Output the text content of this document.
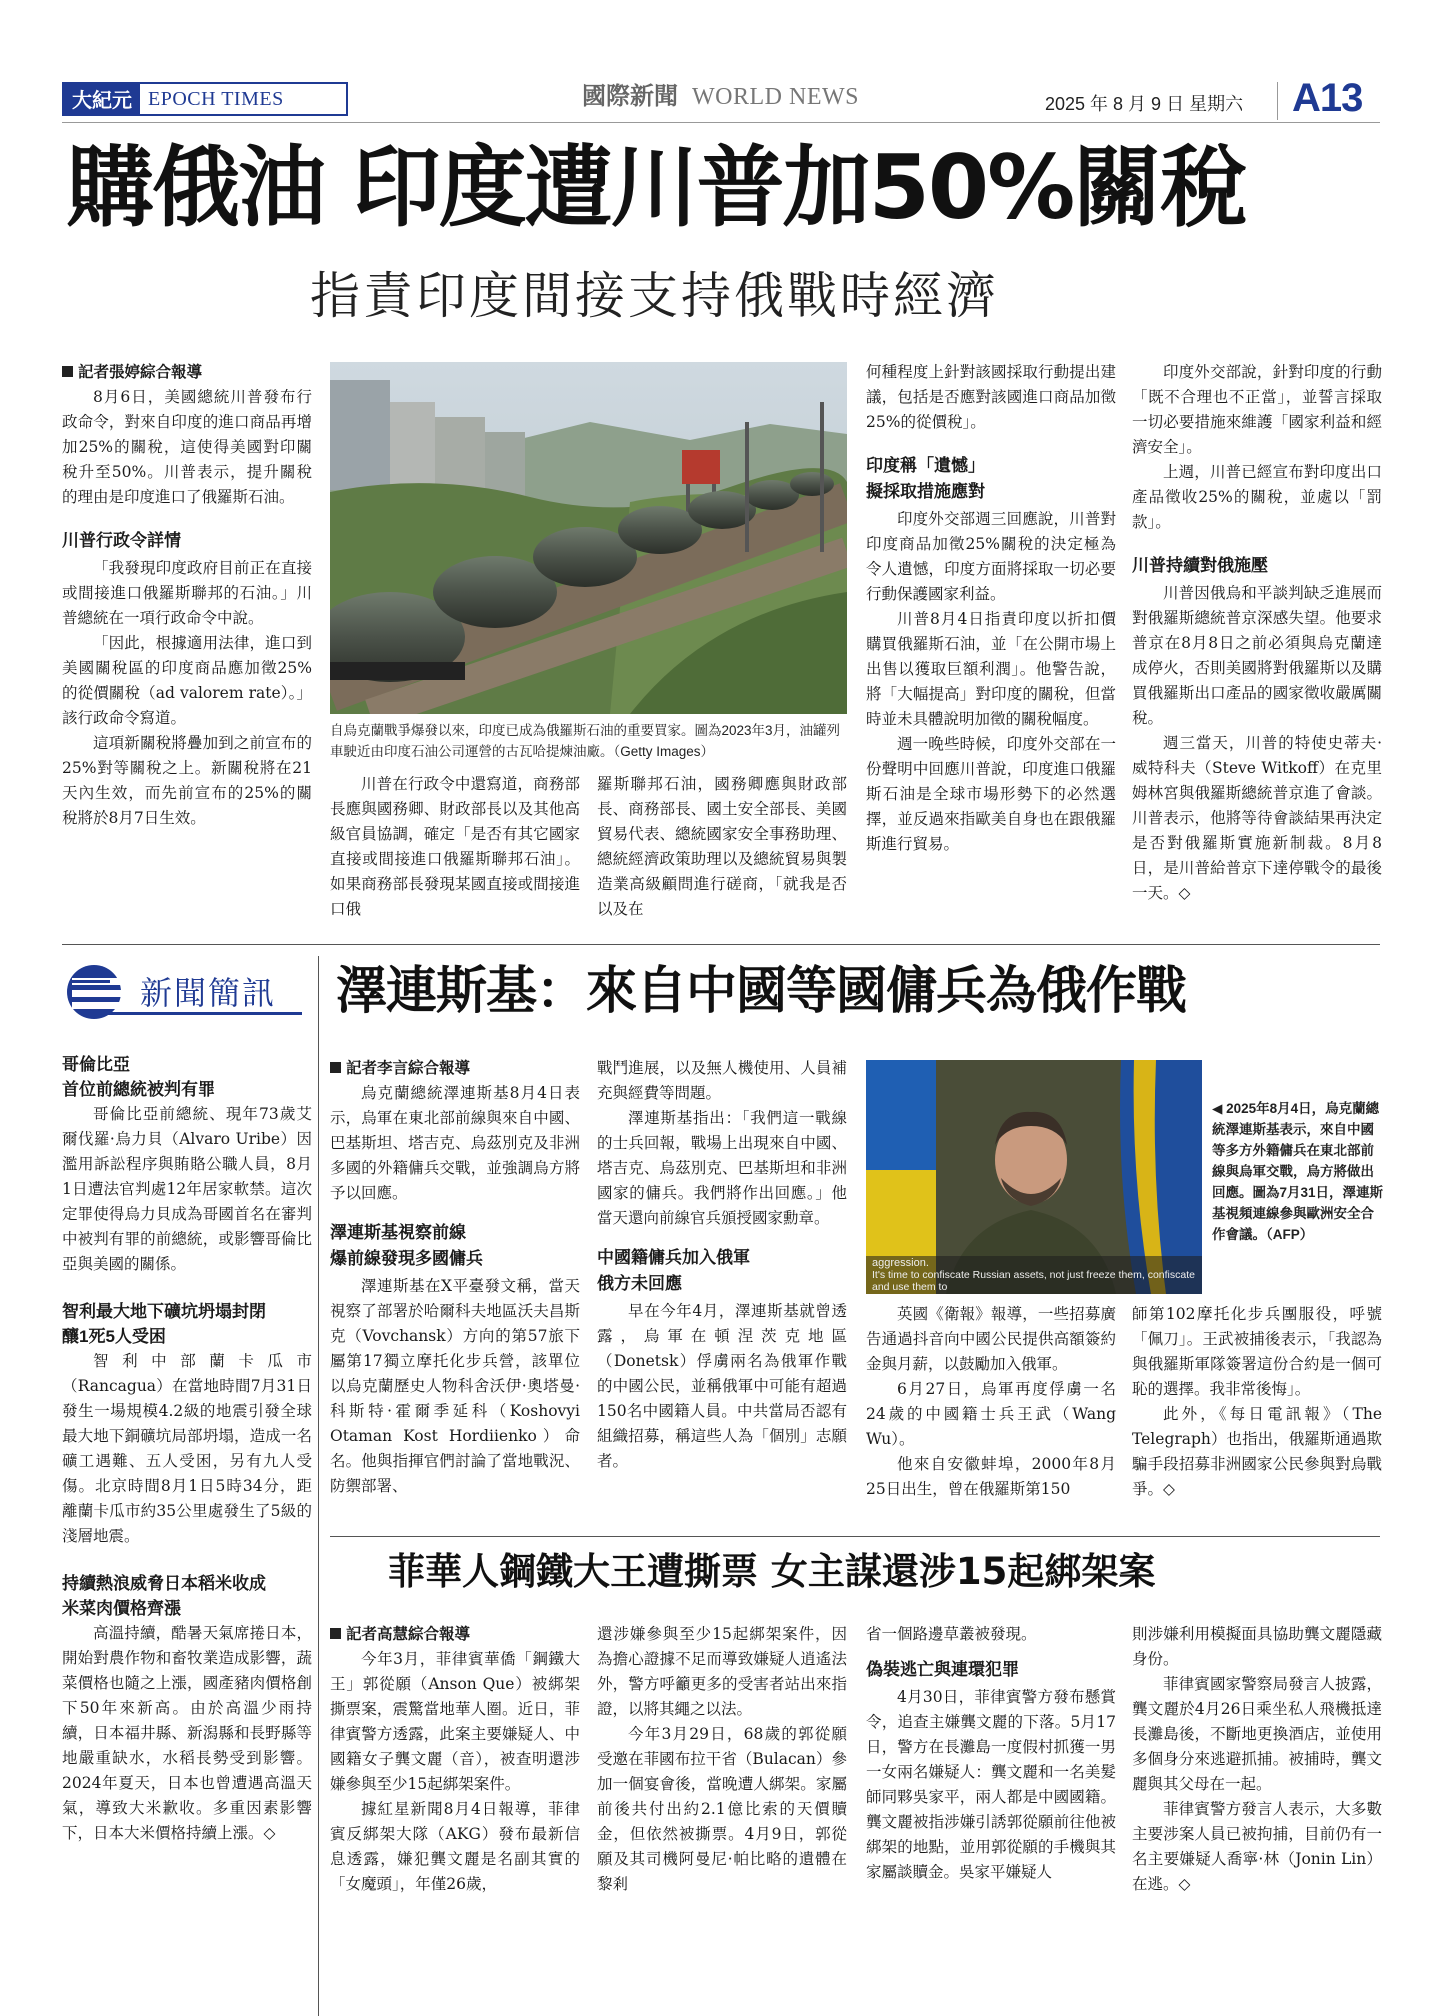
大紀元 EPOCH TIMES	國際新聞 WORLD NEWS	2025 年 8 月 9 日 星期六 A13
購俄油 印度遭川普加50%關稅
指責印度間接支持俄戰時經濟
記者張婷綜合報導
8月6日，美國總統川普發布行政命令，對來自印度的進口商品再增加25%的關稅，這使得美國對印關稅升至50%。川普表示，提升關稅的理由是印度進口了俄羅斯石油。
川普行政令詳情
「我發現印度政府目前正在直接或間接進口俄羅斯聯邦的石油。」川普總統在一項行政命令中說。
「因此，根據適用法律，進口到美國關稅區的印度商品應加徵25%的從價關稅（ad valorem rate）。」該行政命令寫道。
這項新關稅將疊加到之前宣布的25%對等關稅之上。新關稅將在21天內生效，而先前宣布的25%的關稅將於8月7日生效。
自烏克蘭戰爭爆發以來，印度已成為俄羅斯石油的重要買家。圖為2023年3月，油罐列車駛近由印度石油公司運營的古瓦哈提煉油廠。（Getty Images）
川普在行政令中還寫道，商務部長應與國務卿、財政部長以及其他高級官員協調，確定「是否有其它國家直接或間接進口俄羅斯聯邦石油」。如果商務部長發現某國直接或間接進口俄
羅斯聯邦石油，國務卿應與財政部長、商務部長、國土安全部長、美國貿易代表、總統國家安全事務助理、總統經濟政策助理以及總統貿易與製造業高級顧問進行磋商，「就我是否以及在
何種程度上針對該國採取行動提出建議，包括是否應對該國進口商品加徵25%的從價稅」。
印度稱「遺憾」
擬採取措施應對
印度外交部週三回應說，川普對印度商品加徵25%關稅的決定極為令人遺憾，印度方面將採取一切必要行動保護國家利益。
川普8月4日指責印度以折扣價購買俄羅斯石油，並「在公開市場上出售以獲取巨額利潤」。他警告說，將「大幅提高」對印度的關稅，但當時並未具體說明加徵的關稅幅度。
週一晚些時候，印度外交部在一份聲明中回應川普說，印度進口俄羅斯石油是全球市場形勢下的必然選擇，並反過來指歐美自身也在跟俄羅斯進行貿易。
印度外交部說，針對印度的行動「既不合理也不正當」，並誓言採取一切必要措施來維護「國家利益和經濟安全」。
上週，川普已經宣布對印度出口產品徵收25%的關稅，並處以「罰款」。
川普持續對俄施壓
川普因俄烏和平談判缺乏進展而對俄羅斯總統普京深感失望。他要求普京在8月8日之前必須與烏克蘭達成停火，否則美國將對俄羅斯以及購買俄羅斯出口產品的國家徵收嚴厲關稅。
週三當天，川普的特使史蒂夫·威特科夫（Steve Witkoff）在克里姆林宮與俄羅斯總統普京進了會談。川普表示，他將等待會談結果再決定是否對俄羅斯實施新制裁。8月8日，是川普給普京下達停戰令的最後一天。◇
新聞簡訊
哥倫比亞
首位前總統被判有罪
哥倫比亞前總統、現年73歲艾爾伐羅·烏力貝（Alvaro Uribe）因濫用訴訟程序與賄賂公職人員，8月1日遭法官判處12年居家軟禁。這次定罪使得烏力貝成為哥國首名在審判中被判有罪的前總統，或影響哥倫比亞與美國的關係。
智利最大地下礦坑坍塌封閉
釀1死5人受困
智利中部蘭卡瓜市（Rancagua）在當地時間7月31日發生一場規模4.2級的地震引發全球最大地下銅礦坑局部坍塌，造成一名礦工遇難、五人受困，另有九人受傷。北京時間8月1日5時34分，距離蘭卡瓜市約35公里處發生了5級的淺層地震。
持續熱浪威脅日本稻米收成
米菜肉價格齊漲
高溫持續，酷暑天氣席捲日本，開始對農作物和畜牧業造成影響，蔬菜價格也隨之上漲，國產豬肉價格創下50年來新高。由於高溫少雨持續，日本福井縣、新潟縣和長野縣等地嚴重缺水，水稻長勢受到影響。2024年夏天，日本也曾遭遇高溫天氣，導致大米歉收。多重因素影響下，日本大米價格持續上漲。◇
澤連斯基：來自中國等國傭兵為俄作戰
記者李言綜合報導
烏克蘭總統澤連斯基8月4日表示，烏軍在東北部前線與來自中國、巴基斯坦、塔吉克、烏茲別克及非洲多國的外籍傭兵交戰，並強調烏方將予以回應。
澤連斯基視察前線
爆前線發現多國傭兵
澤連斯基在X平臺發文稱，當天視察了部署於哈爾科夫地區沃夫昌斯克（Vovchansk）方向的第57旅下屬第17獨立摩托化步兵營，該單位以烏克蘭歷史人物科舍沃伊·奧塔曼·科斯特·霍爾季延科（Koshovyi Otaman Kost Hordiienko）命名。他與指揮官們討論了當地戰況、防禦部署、
戰鬥進展，以及無人機使用、人員補充與經費等問題。
澤連斯基指出：「我們這一戰線的士兵回報，戰場上出現來自中國、塔吉克、烏茲別克、巴基斯坦和非洲國家的傭兵。我們將作出回應。」他當天還向前線官兵頒授國家勳章。
中國籍傭兵加入俄軍
俄方未回應
早在今年4月，澤連斯基就曾透露，烏軍在頓涅茨克地區（Donetsk）俘虜兩名為俄軍作戰的中國公民，並稱俄軍中可能有超過150名中國籍人員。中共當局否認有組織招募，稱這些人為「個別」志願者。
aggression.
It's time to confiscate Russian assets, not just freeze them, confiscate and use them to
◀ 2025年8月4日，烏克蘭總統澤連斯基表示，來自中國等多方外籍傭兵在東北部前線與烏軍交戰，烏方將做出回應。圖為7月31日，澤連斯基視頻連線參與歐洲安全合作會議。（AFP）
英國《衛報》報導，一些招募廣告通過抖音向中國公民提供高額簽約金與月薪，以鼓勵加入俄軍。
6月27日，烏軍再度俘虜一名24歲的中國籍士兵王武（Wang Wu）。
他來自安徽蚌埠，2000年8月25日出生，曾在俄羅斯第150
師第102摩托化步兵團服役，呼號「佩刀」。王武被捕後表示，「我認為與俄羅斯軍隊簽署這份合約是一個可恥的選擇。我非常後悔」。
此外，《每日電訊報》（The Telegraph）也指出，俄羅斯通過欺騙手段招募非洲國家公民參與對烏戰爭。◇
菲華人鋼鐵大王遭撕票 女主謀還涉15起綁架案
記者高慧綜合報導
今年3月，菲律賓華僑「鋼鐵大王」郭從願（Anson Que）被綁架撕票案，震驚當地華人圈。近日，菲律賓警方透露，此案主要嫌疑人、中國籍女子龔文麗（音），被查明還涉嫌參與至少15起綁架案件。
據紅星新聞8月4日報導，菲律賓反綁架大隊（AKG）發布最新信息透露，嫌犯龔文麗是名副其實的「女魔頭」，年僅26歲，
還涉嫌參與至少15起綁架案件，因為擔心證據不足而導致嫌疑人逍遙法外，警方呼籲更多的受害者站出來指證，以將其繩之以法。
今年3月29日，68歲的郭從願受邀在菲國布拉干省（Bulacan）參加一個宴會後，當晚遭人綁架。家屬前後共付出約2.1億比索的天價贖金，但依然被撕票。4月9日，郭從願及其司機阿曼尼·帕比略的遺體在黎剎
省一個路邊草叢被發現。
偽裝逃亡與連環犯罪
4月30日，菲律賓警方發布懸賞令，追查主嫌龔文麗的下落。5月17日，警方在長灘島一度假村抓獲一男一女兩名嫌疑人：龔文麗和一名美髮師同夥吳家平，兩人都是中國國籍。龔文麗被指涉嫌引誘郭從願前往他被綁架的地點，並用郭從願的手機與其家屬談贖金。吳家平嫌疑人
則涉嫌利用模擬面具協助龔文麗隱藏身份。
菲律賓國家警察局發言人披露，龔文麗於4月26日乘坐私人飛機抵達長灘島後，不斷地更換酒店，並使用多個身分來逃避抓捕。被捕時，龔文麗與其父母在一起。
菲律賓警方發言人表示，大多數主要涉案人員已被拘捕，目前仍有一名主要嫌疑人喬寧·林（Jonin Lin）在逃。◇
